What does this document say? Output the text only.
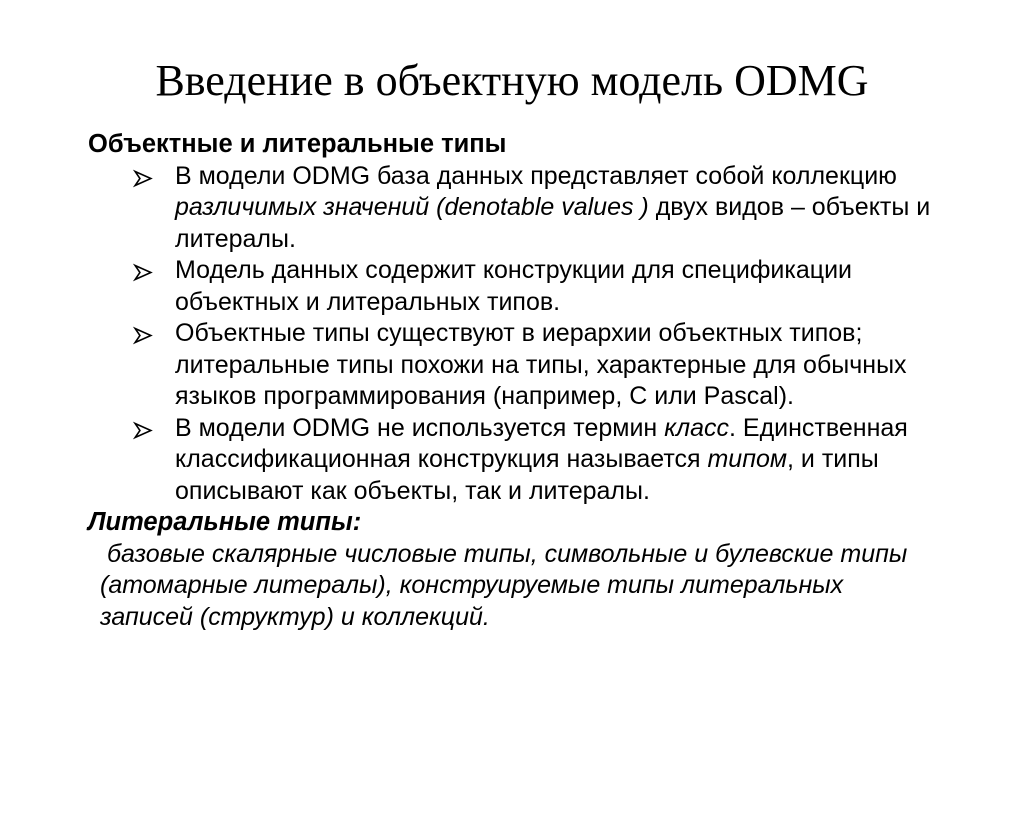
Введение в объектную модель ODMG
Объектные и литеральные типы
В модели ODMG база данных представляет собой коллекцию различимых значений (denotable values ) двух видов – объекты и литералы.
Модель данных содержит конструкции для спецификации объектных и литеральных типов.
Объектные типы существуют в иерархии объектных типов; литеральные типы похожи на типы, характерные для обычных языков программирования (например, C или Pascal).
В модели ODMG не используется термин класс. Единственная классификационная конструкция называется типом, и типы описывают как объекты, так и литералы.
Литеральные типы:

базовые скалярные числовые типы, символьные и булевские типы (атомарные литералы), конструируемые типы литеральных записей (структур) и коллекций.
